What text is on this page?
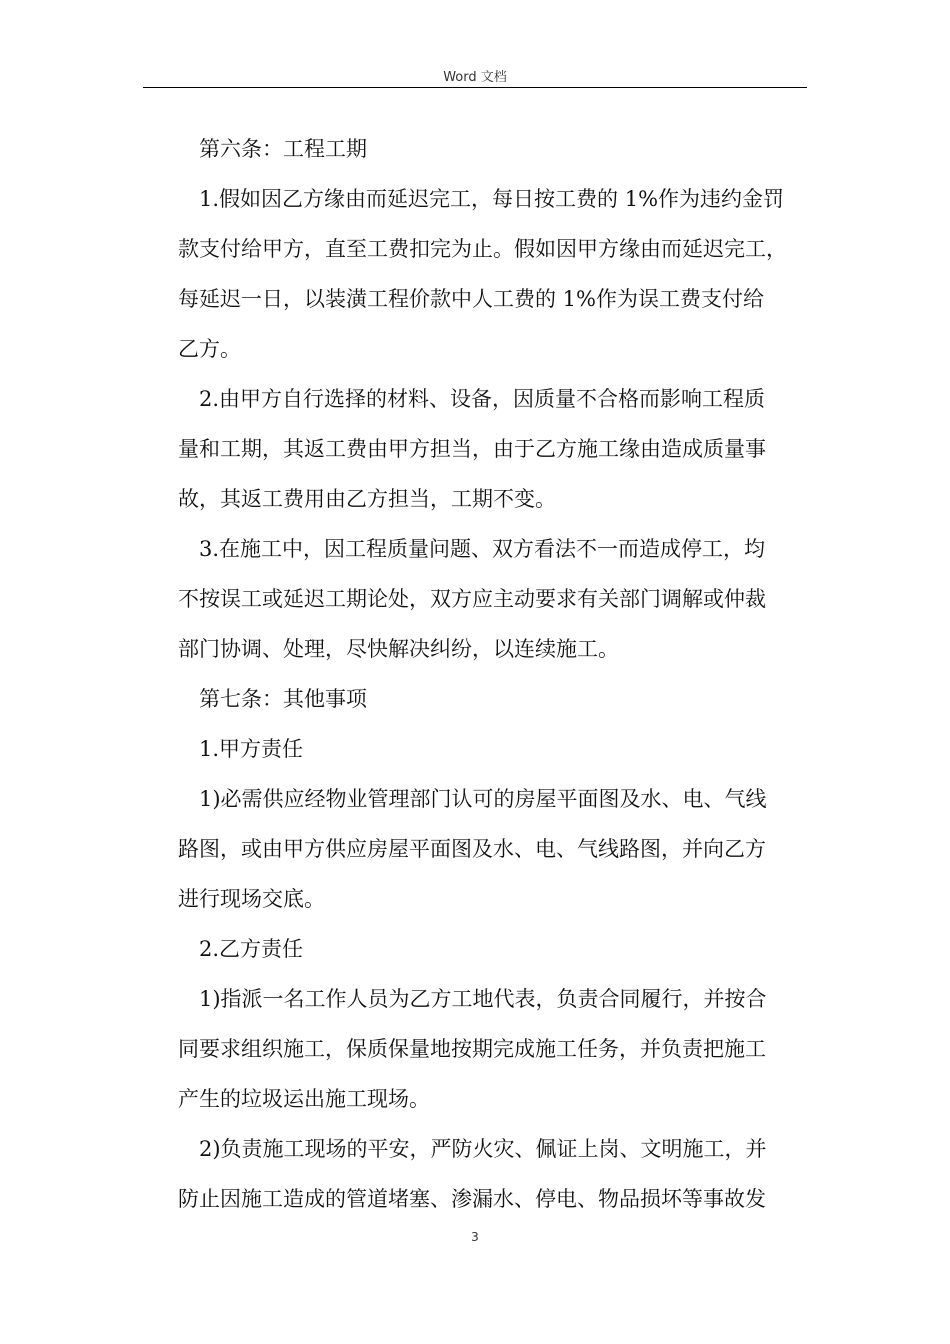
Word 文档

第六条：工程工期

1.假如因乙方缘由而延迟完工，每日按工费的 1%作为违约金罚
款支付给甲方，直至工费扣完为止。假如因甲方缘由而延迟完工，
每延迟一日，以装潢工程价款中人工费的 1%作为误工费支付给
乙方。

2.由甲方自行选择的材料、设备，因质量不合格而影响工程质
量和工期，其返工费由甲方担当，由于乙方施工缘由造成质量事
故，其返工费用由乙方担当，工期不变。

3.在施工中，因工程质量问题、双方看法不一而造成停工，均
不按误工或延迟工期论处，双方应主动要求有关部门调解或仲裁
部门协调、处理，尽快解决纠纷，以连续施工。

第七条：其他事项

1.甲方责任

1)必需供应经物业管理部门认可的房屋平面图及水、电、气线
路图，或由甲方供应房屋平面图及水、电、气线路图，并向乙方
进行现场交底。

2.乙方责任

1)指派一名工作人员为乙方工地代表，负责合同履行，并按合
同要求组织施工，保质保量地按期完成施工任务，并负责把施工
产生的垃圾运出施工现场。

2)负责施工现场的平安，严防火灾、佩证上岗、文明施工，并
防止因施工造成的管道堵塞、渗漏水、停电、物品损坏等事故发

3
